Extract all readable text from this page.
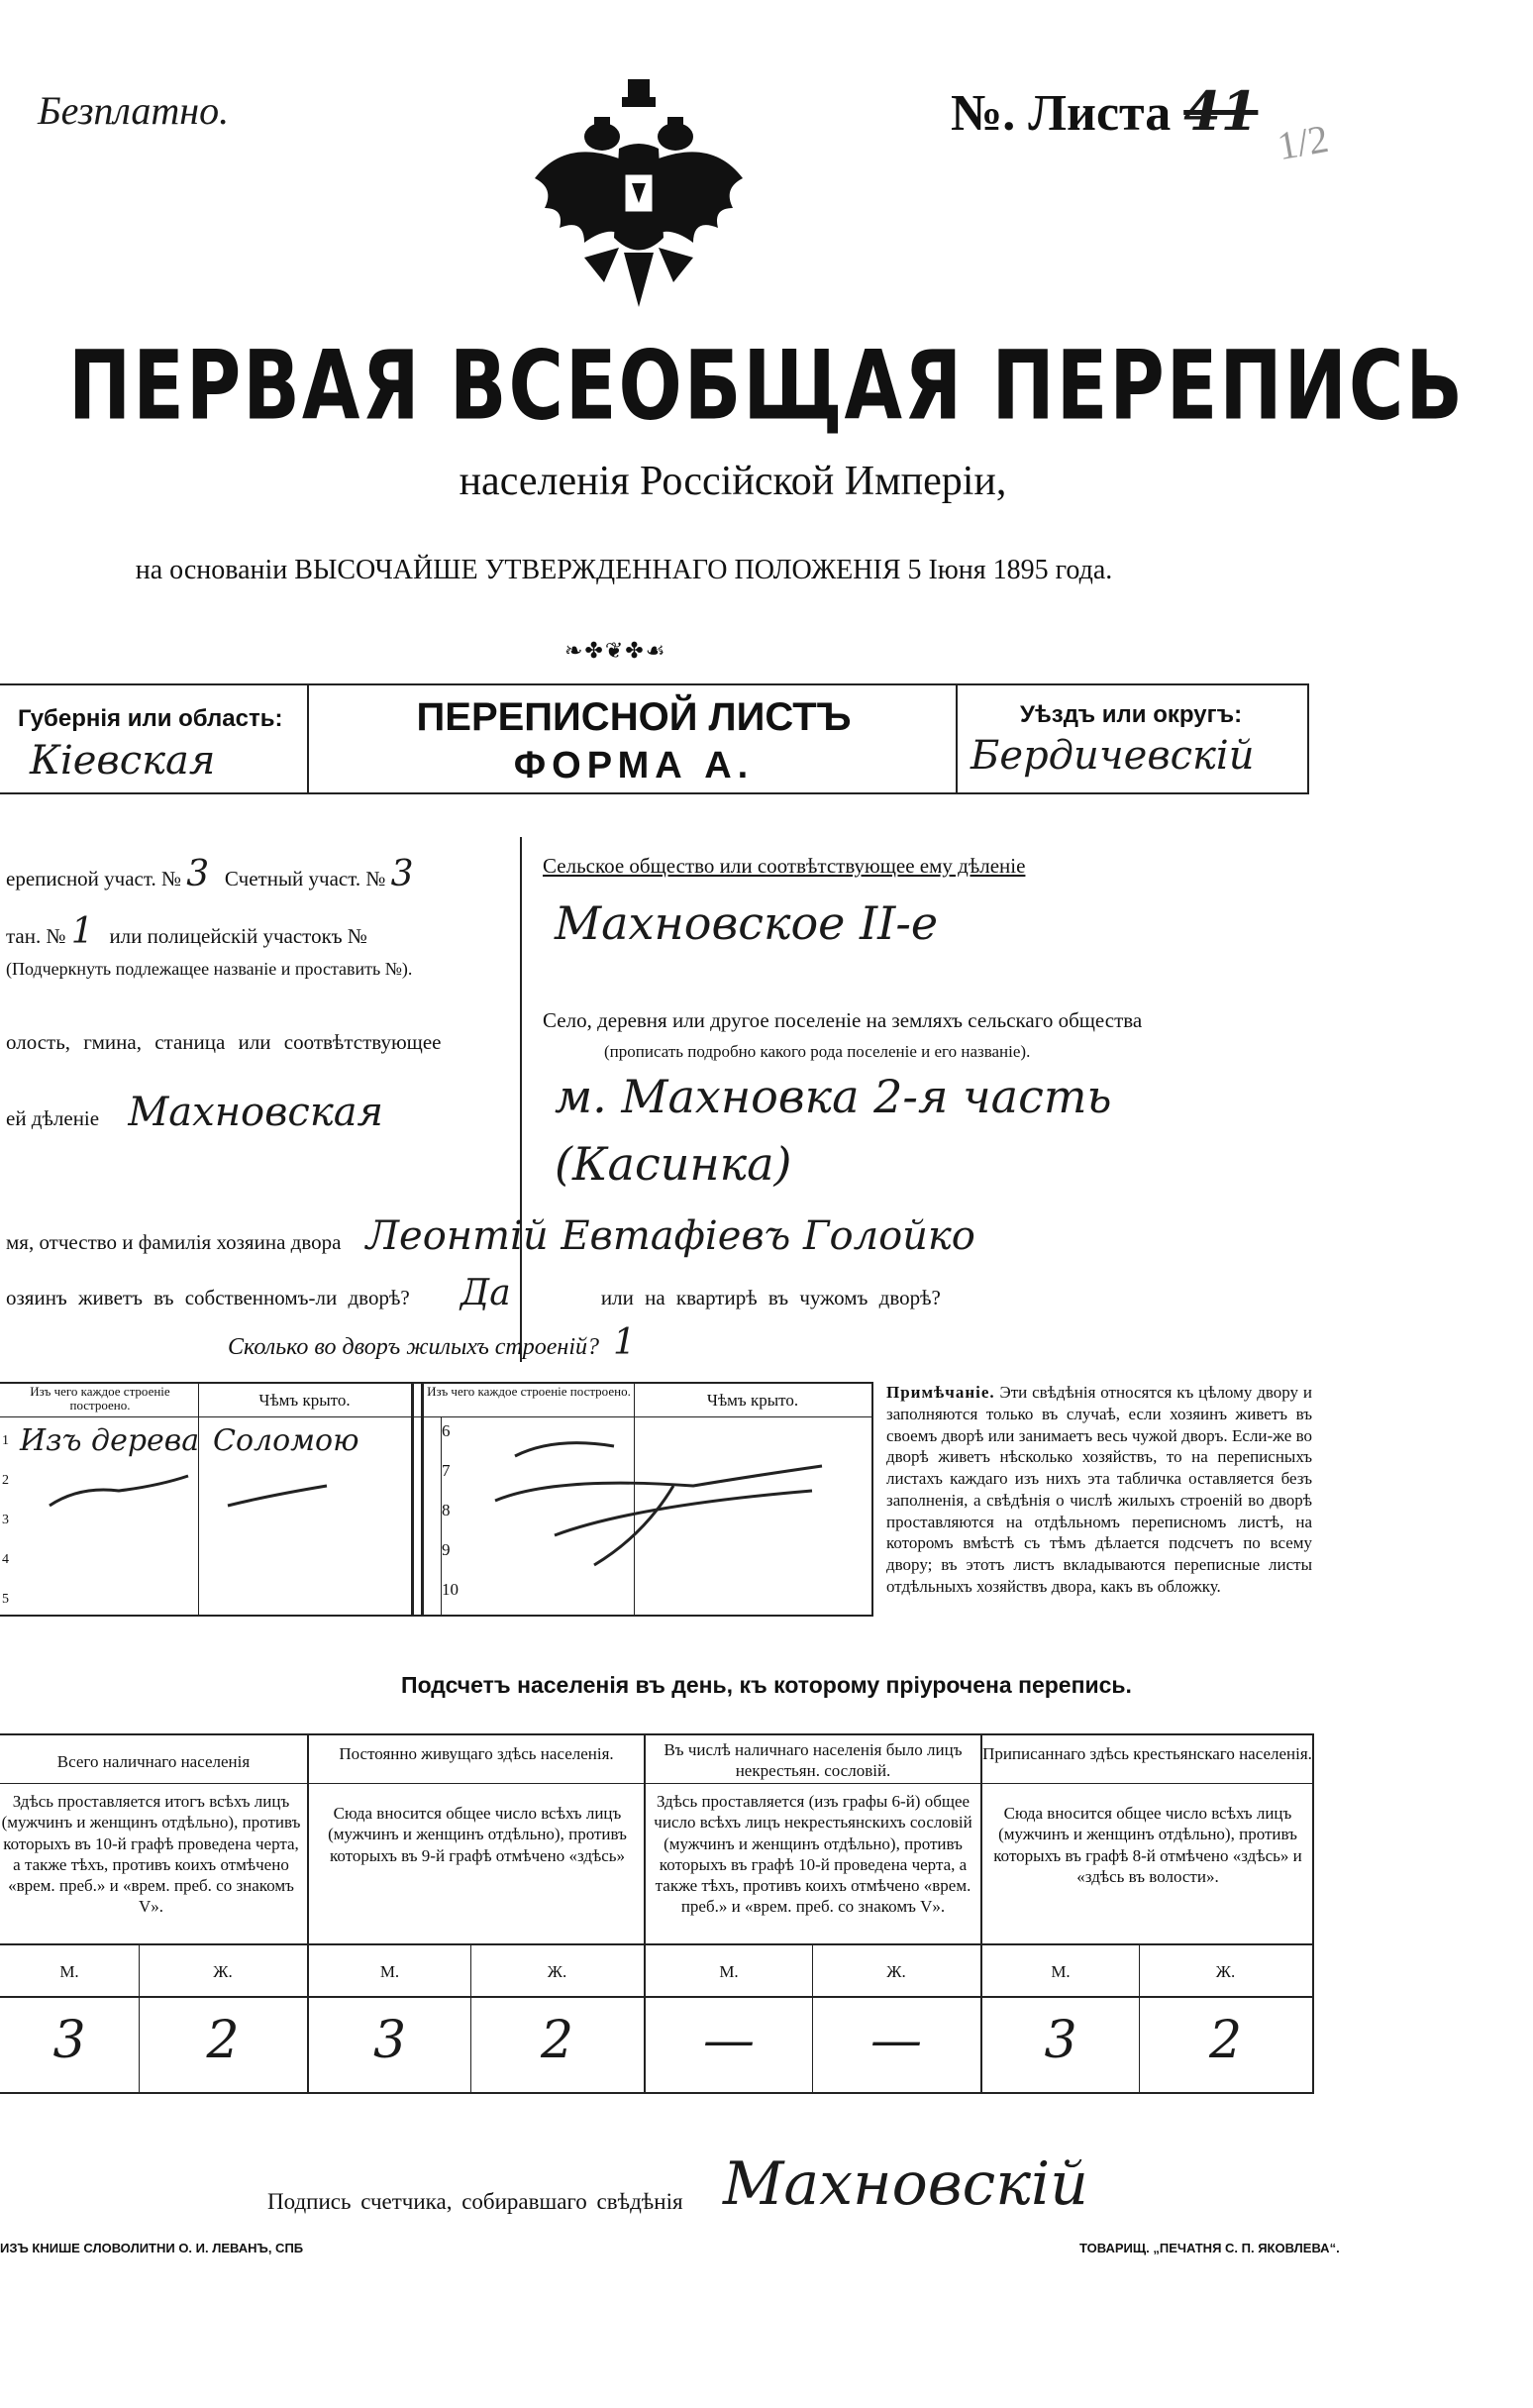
Безплатно.	№. Листа 41 1/2
ПЕРВАЯ ВСЕОБЩАЯ ПЕРЕПИСЬ
населенія Россійской Имперіи,
на основаніи ВЫСОЧАЙШЕ УТВЕРЖДЕННАГО ПОЛОЖЕНІЯ 5 Іюня 1895 года.
❧✤❦✤☙
Губернія или область:
Кіевская
ПЕРЕПИСНОЙ ЛИСТЪ
ФОРМА А.
Уѣздъ или округъ:
Бердичевскій
ереписной участ. № 3 Счетный участ. № 3
тан. № 1 или полицейскій участокъ №
(Подчеркнуть подлежащее названіе и проставить №).
олость, гмина, станица или соотвѣтствующее
ей дѣленіе Махновская
Сельское общество или соотвѣтствующее ему дѣленіе
Махновское II-е
Село, деревня или другое поселеніе на земляхъ сельскаго общества
(прописать подробно какого рода поселеніе и его названіе).
м. Махновка 2-я часть
(Касинка)
мя, отчество и фамилія хозяина двора Леонтій Евтафіевъ Голойко
озяинъ живетъ въ собственномъ-ли дворѣ? Да	или на квартирѣ въ чужомъ дворѣ?
Сколько во дворъ жилыхъ строеній? 1
Изъ чего каждое строеніе построено.	Чѣмъ крыто.	Изъ чего каждое строеніе построено.	Чѣмъ крыто.
1 Изъ дерева Соломою
2
3
4
5
6
7
8
9
10
Примѣчаніе. Эти свѣдѣнія относятся къ цѣлому двору и заполняются только въ случаѣ, если хозяинъ живетъ въ своемъ дворѣ или занимаетъ весь чужой дворъ. Если-же во дворѣ живетъ нѣсколько хозяйствъ, то на переписныхъ листахъ каждаго изъ нихъ эта табличка оставляется безъ заполненія, а свѣдѣнія о числѣ жилыхъ строеній во дворѣ проставляются на отдѣльномъ переписномъ листѣ, на которомъ вмѣстѣ съ тѣмъ дѣлается подсчетъ по всему двору; въ этотъ листъ вкладываются переписные листы отдѣльныхъ хозяйствъ двора, какъ въ обложку.
Подсчетъ населенія въ день, къ которому пріурочена перепись.
Всего наличнаго населенія	Постоянно живущаго здѣсь населенія.	Въ числѣ наличнаго населенія было лицъ некрестьян. сословій.
Приписаннаго здѣсь крестьянскаго населенія.
Здѣсь проставляется итогъ всѣхъ лицъ (мужчинъ и женщинъ отдѣльно), противъ которыхъ въ 10-й графѣ проведена черта, а также тѣхъ, противъ коихъ отмѣчено «врем. преб.» и «врем. преб. со знакомъ V».
Сюда вносится общее число всѣхъ лицъ (мужчинъ и женщинъ отдѣльно), противъ которыхъ въ 9-й графѣ отмѣчено «здѣсь»
Здѣсь проставляется (изъ графы 6-й) общее число всѣхъ лицъ некрестьянскихъ сословій (мужчинъ и женщинъ отдѣльно), противъ которыхъ въ графѣ 10-й проведена черта, а также тѣхъ, противъ коихъ отмѣчено «врем. преб.» и «врем. преб. со знакомъ V».
Сюда вносится общее число всѣхъ лицъ (мужчинъ и женщинъ отдѣльно), противъ которыхъ въ графѣ 8-й отмѣчено «здѣсь» и «здѣсь въ волости».
М.	Ж.	М.	Ж.	М.	Ж.	М.	Ж.
3	2	3	2	—	—	3	2
Подпись счетчика, собиравшаго свѣдѣнія Махновскій
ИЗЪ КНИШЕ СЛОВОЛИТНИ О. И. ЛЕВАНЪ, СПБ	ТОВАРИЩ. „ПЕЧАТНЯ С. П. ЯКОВЛЕВА“.
